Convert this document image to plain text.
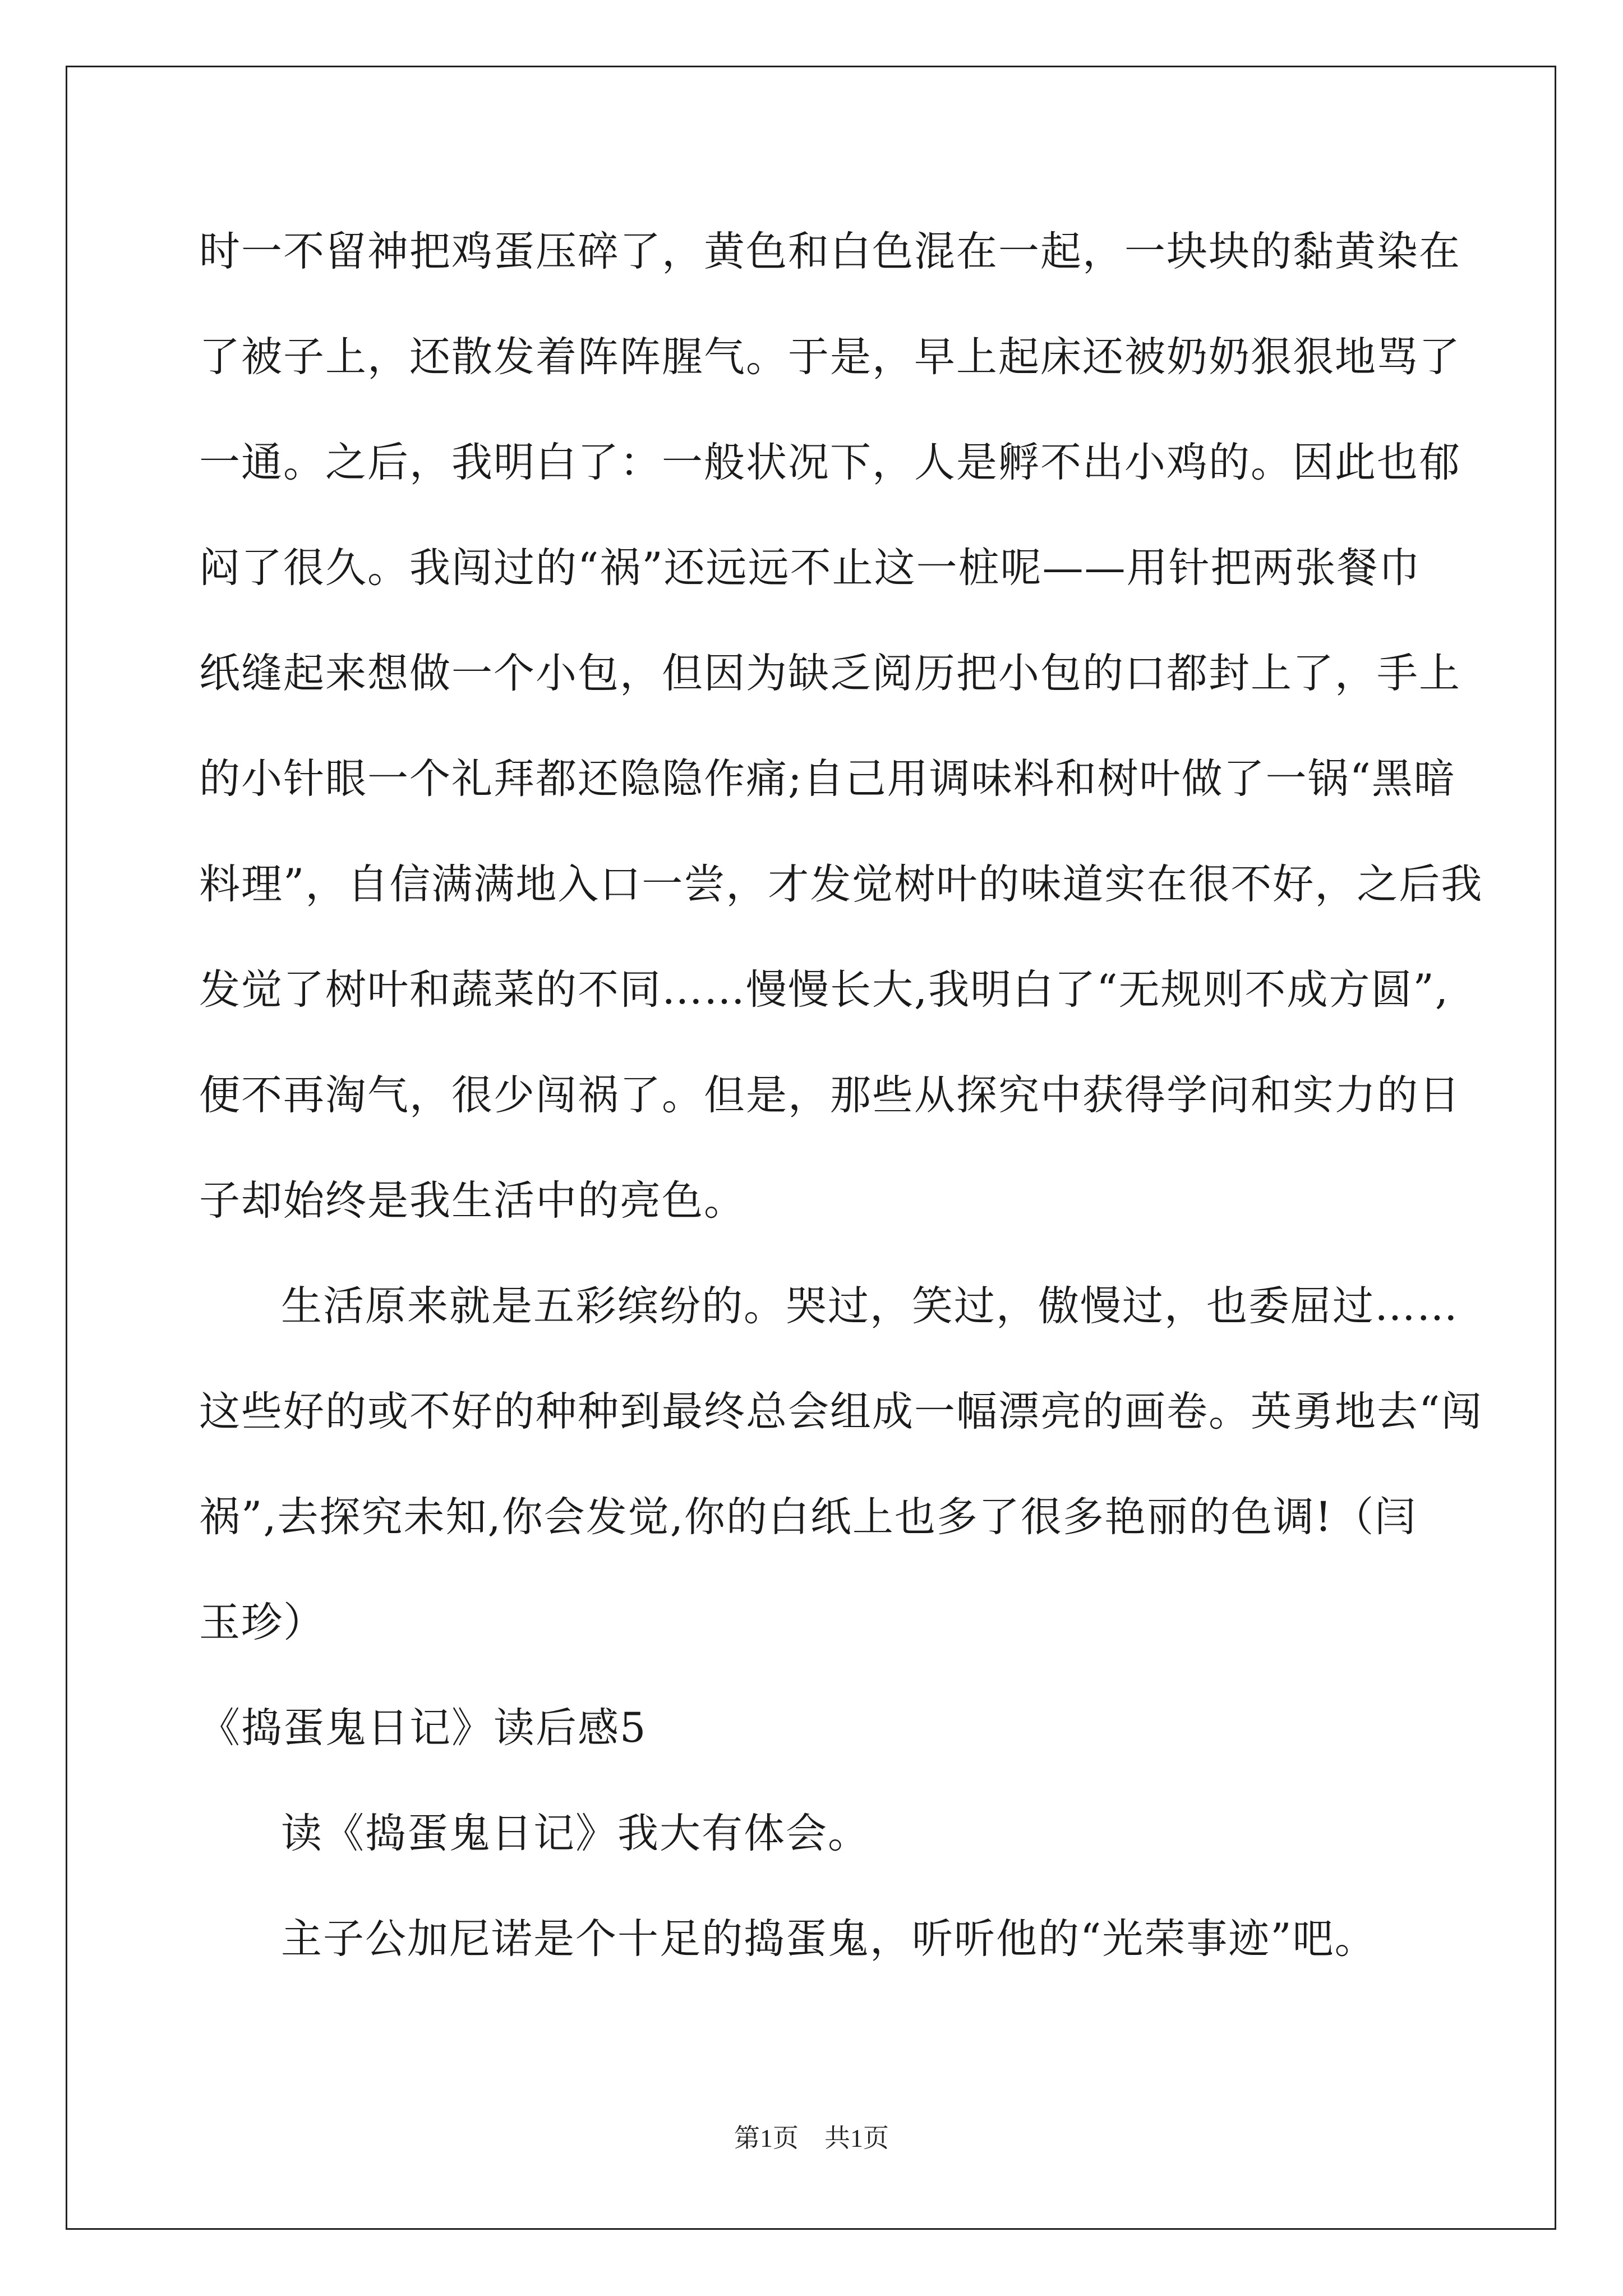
时一不留神把鸡蛋压碎了，黄色和白色混在一起，一块块的黏黄染在

了被子上，还散发着阵阵腥气。于是，早上起床还被奶奶狠狠地骂了

一通。之后，我明白了：一般状况下，人是孵不出小鸡的。因此也郁

闷了很久。我闯过的“祸”还远远不止这一桩呢——用针把两张餐巾

纸缝起来想做一个小包，但因为缺乏阅历把小包的口都封上了，手上

的小针眼一个礼拜都还隐隐作痛;自己用调味料和树叶做了一锅“黑暗

料理”，自信满满地入口一尝，才发觉树叶的味道实在很不好，之后我

发觉了树叶和蔬菜的不同……慢慢长大,我明白了“无规则不成方圆”,

便不再淘气，很少闯祸了。但是，那些从探究中获得学问和实力的日

子却始终是我生活中的亮色。

生活原来就是五彩缤纷的。哭过，笑过，傲慢过，也委屈过……

这些好的或不好的种种到最终总会组成一幅漂亮的画卷。英勇地去“闯

祸”,去探究未知,你会发觉,你的白纸上也多了很多艳丽的色调!（闫

玉珍）

《捣蛋鬼日记》读后感5

读《捣蛋鬼日记》我大有体会。

主子公加尼诺是个十足的捣蛋鬼，听听他的“光荣事迹”吧。

第1页 共1页
